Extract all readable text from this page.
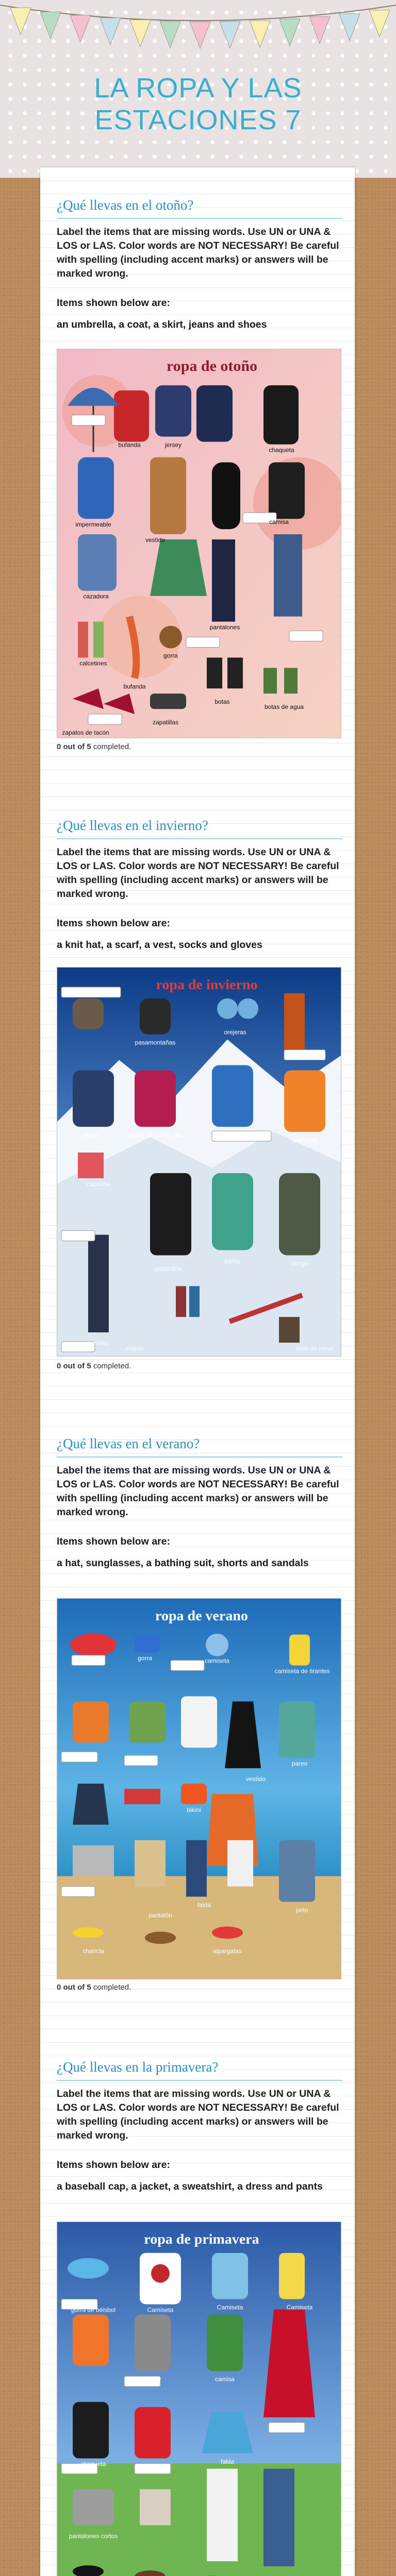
LA ROPA Y LAS
ESTACIONES 7
¿Qué llevas en el otoño?

Label the items that are missing words. Use UN or UNA & LOS or LAS. Color words are NOT NECESSARY! Be careful with spelling (including accent marks) or answers will be marked wrong.

Items shown below are:

an umbrella, a coat, a skirt, jeans and shoes

ropa de otoño
bufanda	jersey
chaqueta
impermeable
vestido
cazadora
camisa
pantalones
calcetines
bufanda
gorra
zapatos de tacón
zapatillas
botas
botas de agua

0 out of 5 completed.

¿Qué llevas en el invierno?

Label the items that are missing words. Use UN or UNA & LOS or LAS. Color words are NOT NECESSARY! Be careful with spelling (including accent marks) or answers will be marked wrong.

Items shown below are:

a knit hat, a scarf, a vest, socks and gloves

ropa de invierno
pasamontañas
orejeras
jersey	jersey de cuello alto
chaqueta
capucha
gabardina
parka	abrigo
pantalones
esquís	bota de nieve

0 out of 5 completed.

¿Qué llevas en el verano?

Label the items that are missing words. Use UN or UNA & LOS or LAS. Color words are NOT NECESSARY! Be careful with spelling (including accent marks) or answers will be marked wrong.

Items shown below are:

a hat, sunglasses, a bathing suit, shorts and sandals

ropa de verano
gorra	camiseta
camiseta de tirantes
bikini
vestido
pareo
falda
peto
chancla
pantalón
alpargatas

0 out of 5 completed.

¿Qué llevas en la primavera?

Label the items that are missing words. Use UN or UNA & LOS or LAS. Color words are NOT NECESSARY! Be careful with spelling (including accent marks) or answers will be marked wrong.

Items shown below are:

a baseball cap, a jacket, a sweatshirt, a dress and pants

ropa de primavera
gorra de béisbol	Camiseta	Camiseta	Camiseta
jersey	camisa
chaqueta	falda
pantalones cortos
